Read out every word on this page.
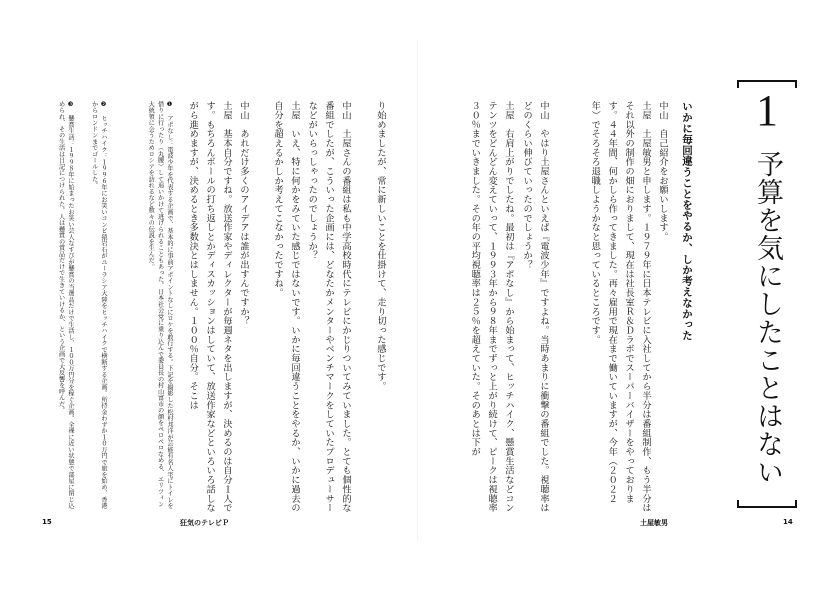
1
予算を気にしたことはない
いかに毎回違うことをやるか、しか考えなかった
中山　自己紹介をお願いします。
土屋　土屋敏男と申します。１９７９年に日本テレビに入社してから半分は番組制作、もう半分はそれ以外の制作の畑におりまして、現在は社長室Ｒ＆Ｄラボでスーパーバイザーをやっております。４４年間、何かしら作ってきました。再々雇用で現在まで働いていますが、今年（２０２２年）でそろそろ退職しようかなと思っているところです。
中山　やはり土屋さんといえば『電波少年』ですよね。当時あまりに衝撃の番組でした。視聴率はどのくらい伸びていったのでしょうか？
土屋　右肩上がりでしたね。最初は『アポなし』から始まって、ヒッチハイク、懸賞生活などコンテンツをどんどん変えていって、１９９３年から９８年までずっと上がり続けて、ピークは視聴率３０％までいきました。その年の平均視聴率は２５％を超えていた。そのあとは下が
土屋敏男	14
り始めましたが、常に新しいことを仕掛けて、走り切った感じです。
中山　土屋さんの番組は私も中学高校時代にテレビにかじりついてみていました。とても個性的な番組でしたが、こういった企画には、どなたかメンターやベンチマークをしていたプロデューサーなどがいらっしゃったのでしょうか？
土屋　いえ、特に何かをみていた感じではないです。いかに毎回違うことをやるか、いかに過去の自分を超えるかしか考えてこなかったですね。
中山　あれだけ多くのアイデアは誰が出すんですか？
土屋　基本自分ですね。放送作家やディレクターが毎週ネタを出しますが、決めるのは自分１人です。もちろんボールの打ち返しとかディスカッションはしていて、放送作家などといろいろ話しながら進めますが、決めるとき多数決とはしません。１００％自分。そこは
❶ アポなし：電波少年を代表する企画で、基本的に事前アポイントなしにロケを敢行する。下記を撮影した松村邦洋が芸能有名人宅にトイレを借りに行ったり（丸腰）して追いかけて逃げられることもあった。日本社会党に乗り込んで委員長の村山富市の顔をペロペロなめる、エリツィン大統領に会うためロシアを訪れるなど数々の伝説を生んだ。
❷ ヒッチハイク：１９９６年にお笑いコンビ猿岩石がユーラシア大陸をヒッチハイクで横断する企画。所持金わずか１０万円で旅を始め、香港からロンドンまでゴールした。
❸ 懸賞生活：１９９８年に始まったお笑い芸人なすびが懸賞の当選品だけで生活し、１００万円分を稼ぐ企画。全裸に近い状態で部屋に閉じ込められ、その生活は日記につけられた。人は懸賞の賞品だけで生きていけるか、という企画で大反響を呼んだ。
15	狂気のテレビＰ
